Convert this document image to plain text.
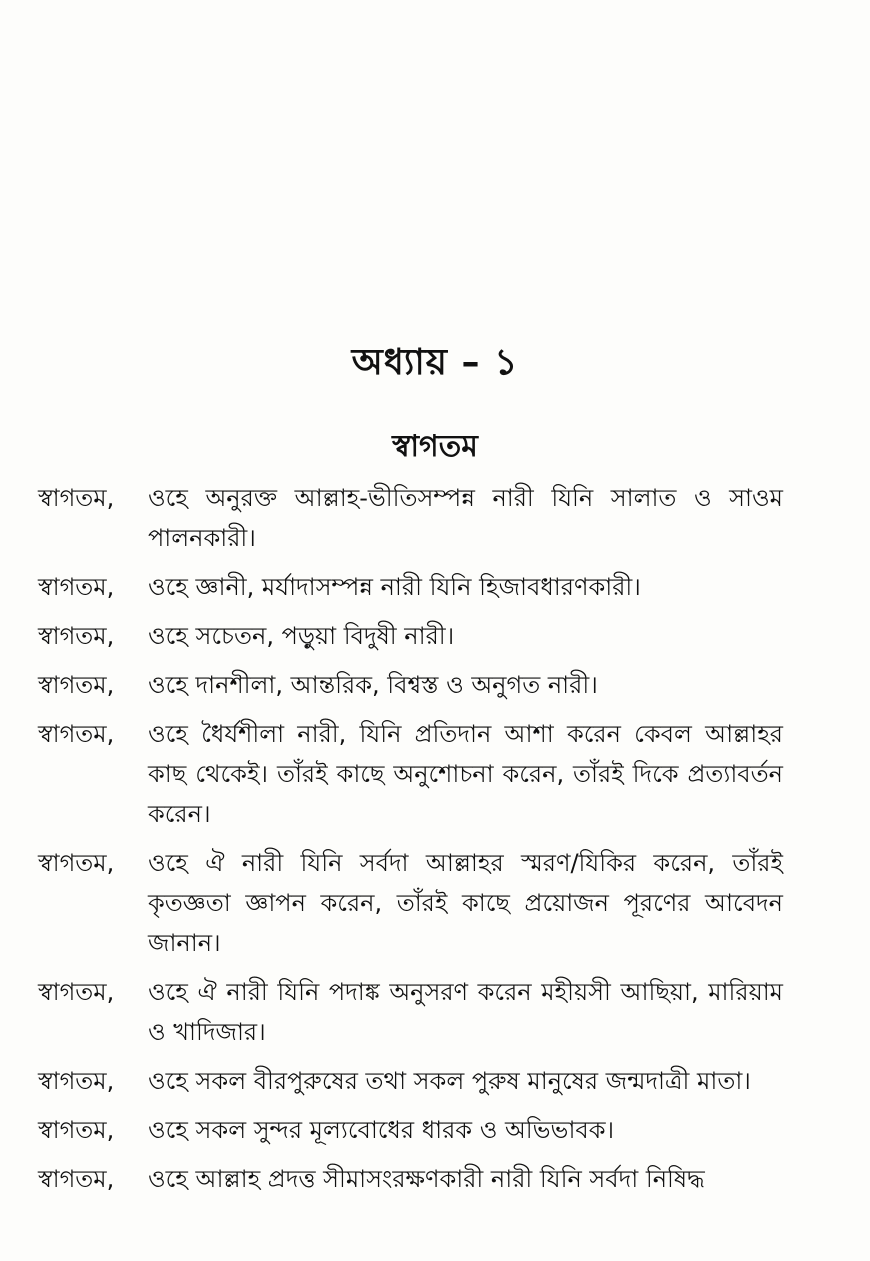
অধ্যায় – ১
স্বাগতম
স্বাগতম,	ওহে অনুরক্ত আল্লাহ-ভীতিসম্পন্ন নারী যিনি সালাত ও সাওম পালনকারী।
স্বাগতম,	ওহে জ্ঞানী, মর্যাদাসম্পন্ন নারী যিনি হিজাবধারণকারী।
স্বাগতম,	ওহে সচেতন, পড়ুয়া বিদুষী নারী।
স্বাগতম,	ওহে দানশীলা, আন্তরিক, বিশ্বস্ত ও অনুগত নারী।
স্বাগতম,	ওহে ধৈর্যশীলা নারী, যিনি প্রতিদান আশা করেন কেবল আল্লাহর কাছ থেকেই। তাঁরই কাছে অনুশোচনা করেন, তাঁরই দিকে প্রত্যাবর্তন করেন।
স্বাগতম,	ওহে ঐ নারী যিনি সর্বদা আল্লাহর স্মরণ/যিকির করেন, তাঁরই কৃতজ্ঞতা জ্ঞাপন করেন, তাঁরই কাছে প্রয়োজন পূরণের আবেদন জানান।
স্বাগতম,	ওহে ঐ নারী যিনি পদাঙ্ক অনুসরণ করেন মহীয়সী আছিয়া, মারিয়াম ও খাদিজার।
স্বাগতম,	ওহে সকল বীরপুরুষের তথা সকল পুরুষ মানুষের জন্মদাত্রী মাতা।
স্বাগতম,	ওহে সকল সুন্দর মূল্যবোধের ধারক ও অভিভাবক।
স্বাগতম,	ওহে আল্লাহ প্রদত্ত সীমাসংরক্ষণকারী নারী যিনি সর্বদা নিষিদ্ধ
